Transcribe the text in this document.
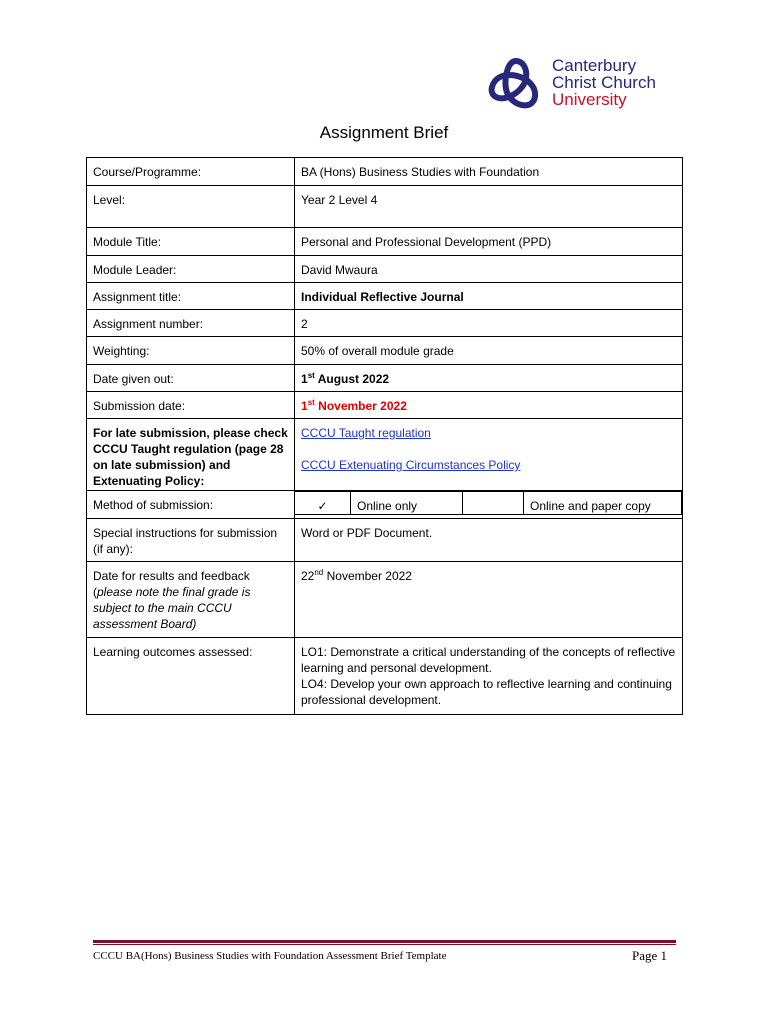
Canterbury
Christ Church
University
Assignment Brief
Course/Programme:	BA (Hons) Business Studies with Foundation
Level:	Year 2 Level 4
Module Title:	Personal and Professional Development (PPD)
Module Leader:	David Mwaura
Assignment title:	Individual Reflective Journal
Assignment number:	2
Weighting:	50% of overall module grade
Date given out:	1st August 2022
Submission date:	1st November 2022
For late submission, please check CCCU Taught regulation (page 28 on late submission) and Extenuating Policy:	CCCU Taught regulation
CCCU Extenuating Circumstances Policy
Method of submission:		✓	Online only		Online and paper copy

Special instructions for submission (if any):	Word or PDF Document.
Date for results and feedback
(please note the final grade is subject to the main CCCU assessment Board)	22nd November 2022
Learning outcomes assessed:	LO1: Demonstrate a critical understanding of the concepts of reflective learning and personal development.
LO4: Develop your own approach to reflective learning and continuing professional development.
CCCU BA(Hons) Business Studies with Foundation Assessment Brief Template	Page 1
